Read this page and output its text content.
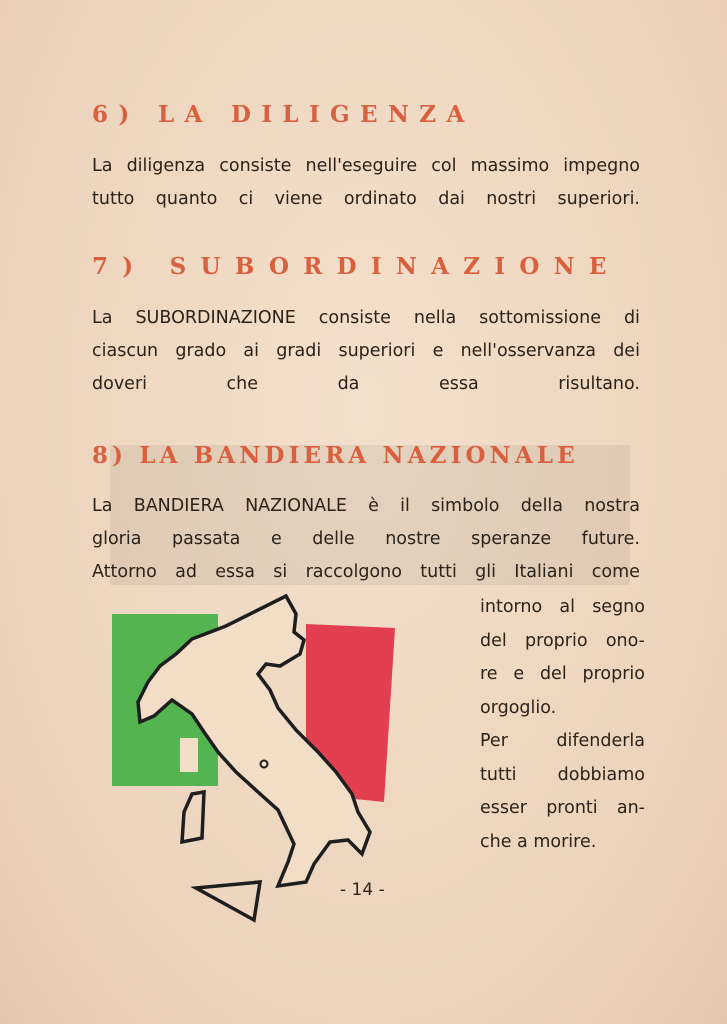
6) LA DILIGENZA
La diligenza consiste nell'eseguire col massimo impegno
tutto quanto ci viene ordinato dai nostri superiori.
7) SUBORDINAZIONE
La SUBORDINAZIONE consiste nella sottomissione di
ciascun grado ai gradi superiori e nell'osservanza dei
doveri che da essa risultano.
8) LA BANDIERA NAZIONALE
La BANDIERA NAZIONALE è il simbolo della nostra
gloria passata e delle nostre speranze future.
Attorno ad essa si raccolgono tutti gli Italiani come
intorno al segno
del proprio ono-
re e del proprio
orgoglio.
Per	difenderla
tutti dobbiamo
esser pronti an-
che a morire.
- 14 -
